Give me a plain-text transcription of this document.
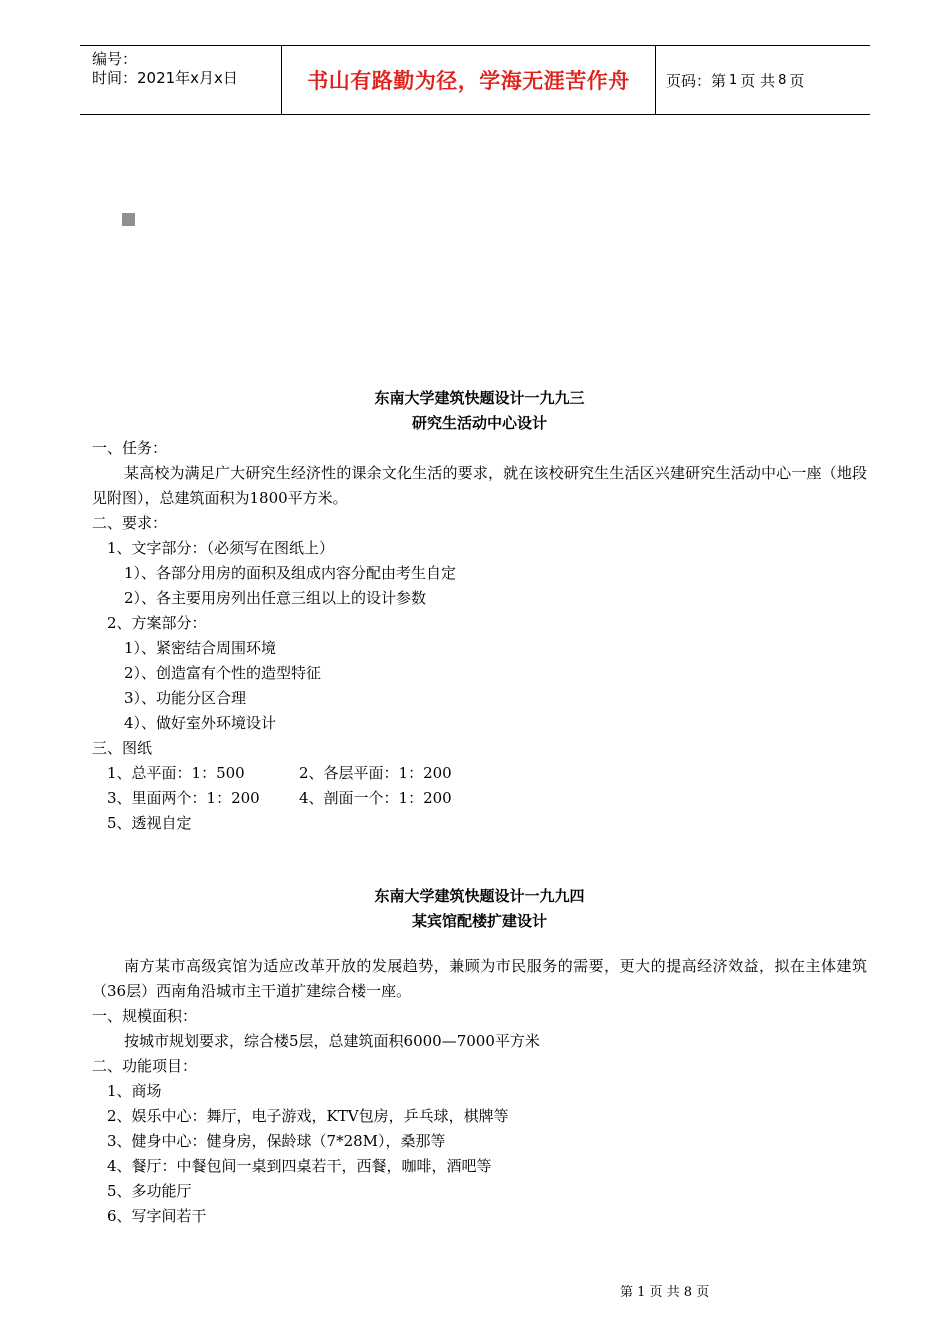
编号：
时间：2021年x月x日	书山有路勤为径，学海无涯苦作舟	页码：第 1 页 共 8 页
东南大学建筑快题设计一九九三
研究生活动中心设计
一、任务：
某高校为满足广大研究生经济性的课余文化生活的要求，就在该校研究生生活区兴建研究生活动中心一座（地段见附图），总建筑面积为1800平方米。
二、要求：
1、文字部分：（必须写在图纸上）
1）、各部分用房的面积及组成内容分配由考生自定
2）、各主要用房列出任意三组以上的设计参数
2、方案部分：
1）、紧密结合周围环境
2）、创造富有个性的造型特征
3）、功能分区合理
4）、做好室外环境设计
三、图纸
1、总平面：1：500	2、各层平面：1：200
3、里面两个：1：200	4、剖面一个：1：200
5、透视自定
东南大学建筑快题设计一九九四
某宾馆配楼扩建设计
南方某市高级宾馆为适应改革开放的发展趋势，兼顾为市民服务的需要，更大的提高经济效益，拟在主体建筑（36层）西南角沿城市主干道扩建综合楼一座。
一、规模面积：
按城市规划要求，综合楼5层，总建筑面积6000—7000平方米
二、功能项目：
1、商场
2、娱乐中心：舞厅，电子游戏，KTV包房，乒乓球，棋牌等
3、健身中心：健身房，保龄球（7*28M），桑那等
4、餐厅：中餐包间一桌到四桌若干，西餐，咖啡，酒吧等
5、多功能厅
6、写字间若干
第 1 页 共 8 页
